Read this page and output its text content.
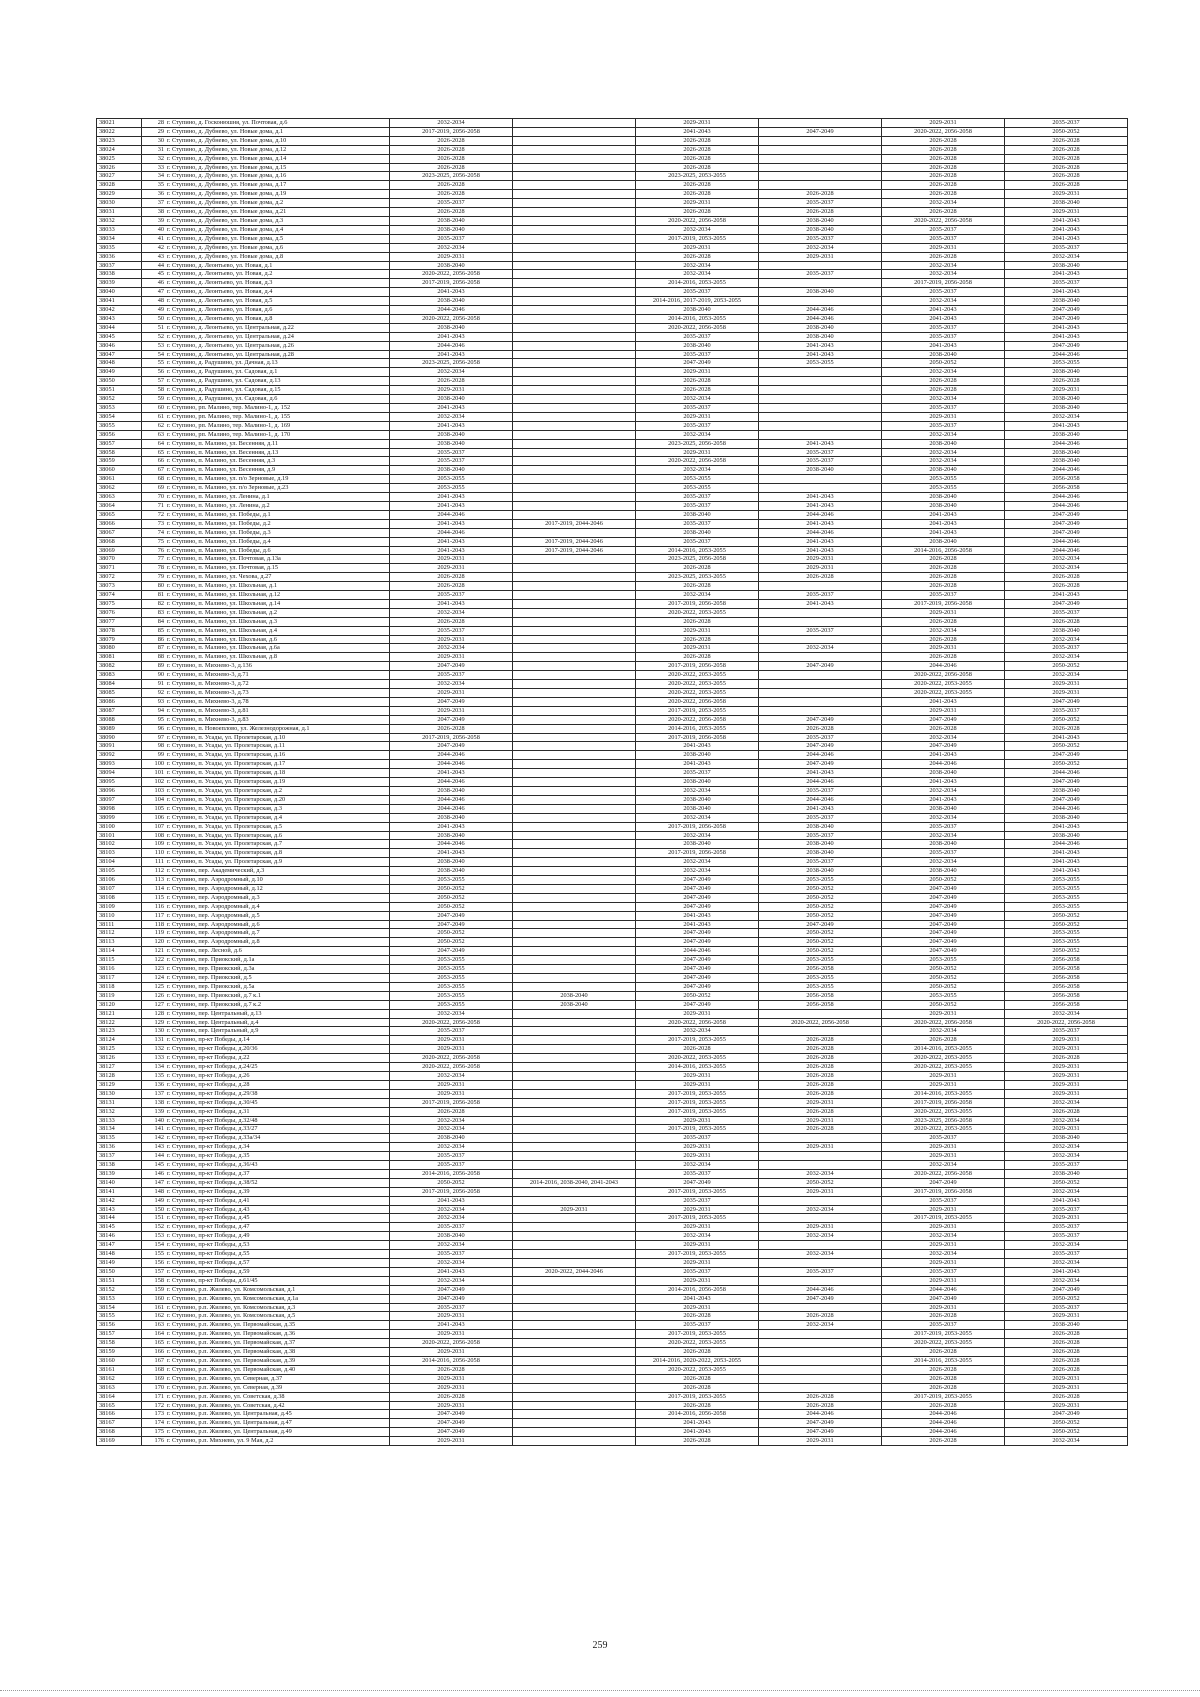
38021	28	г. Ступино, д. Госконюшня, ул. Почтовая, д.6	2032-2034		2029-2031		2029-2031	2035-2037
38022	29	г. Ступино, д. Дубнево, ул. Новые дома, д.1	2017-2019, 2056-2058		2041-2043	2047-2049	2020-2022, 2056-2058	2050-2052
38023	30	г. Ступино, д. Дубнево, ул. Новые дома, д.10	2026-2028		2026-2028		2026-2028	2026-2028
38024	31	г. Ступино, д. Дубнево, ул. Новые дома, д.12	2026-2028		2026-2028		2026-2028	2026-2028
38025	32	г. Ступино, д. Дубнево, ул. Новые дома, д.14	2026-2028		2026-2028		2026-2028	2026-2028
38026	33	г. Ступино, д. Дубнево, ул. Новые дома, д.15	2026-2028		2026-2028		2026-2028	2026-2028
38027	34	г. Ступино, д. Дубнево, ул. Новые дома, д.16	2023-2025, 2056-2058		2023-2025, 2053-2055		2026-2028	2026-2028
38028	35	г. Ступино, д. Дубнево, ул. Новые дома, д.17	2026-2028		2026-2028		2026-2028	2026-2028
38029	36	г. Ступино, д. Дубнево, ул. Новые дома, д.19	2026-2028		2026-2028	2026-2028	2026-2028	2029-2031
38030	37	г. Ступино, д. Дубнево, ул. Новые дома, д.2	2035-2037		2029-2031	2035-2037	2032-2034	2038-2040
38031	38	г. Ступино, д. Дубнево, ул. Новые дома, д.21	2026-2028		2026-2028	2026-2028	2026-2028	2029-2031
38032	39	г. Ступино, д. Дубнево, ул. Новые дома, д.3	2038-2040		2020-2022, 2056-2058	2038-2040	2020-2022, 2056-2058	2041-2043
38033	40	г. Ступино, д. Дубнево, ул. Новые дома, д.4	2038-2040		2032-2034	2038-2040	2035-2037	2041-2043
38034	41	г. Ступино, д. Дубнево, ул. Новые дома, д.5	2035-2037		2017-2019, 2053-2055	2035-2037	2035-2037	2041-2043
38035	42	г. Ступино, д. Дубнево, ул. Новые дома, д.6	2032-2034		2029-2031	2032-2034	2029-2031	2035-2037
38036	43	г. Ступино, д. Дубнево, ул. Новые дома, д.8	2029-2031		2026-2028	2029-2031	2026-2028	2032-2034
38037	44	г. Ступино, д. Леонтьево, ул. Новая, д.1	2038-2040		2032-2034		2032-2034	2038-2040
38038	45	г. Ступино, д. Леонтьево, ул. Новая, д.2	2020-2022, 2056-2058		2032-2034	2035-2037	2032-2034	2041-2043
38039	46	г. Ступино, д. Леонтьево, ул. Новая, д.3	2017-2019, 2056-2058		2014-2016, 2053-2055		2017-2019, 2056-2058	2035-2037
38040	47	г. Ступино, д. Леонтьево, ул. Новая, д.4	2041-2043		2035-2037	2038-2040	2035-2037	2041-2043
38041	48	г. Ступино, д. Леонтьево, ул. Новая, д.5	2038-2040		2014-2016, 2017-2019, 2053-2055		2032-2034	2038-2040
38042	49	г. Ступино, д. Леонтьево, ул. Новая, д.6	2044-2046		2038-2040	2044-2046	2041-2043	2047-2049
38043	50	г. Ступино, д. Леонтьево, ул. Новая, д.8	2020-2022, 2056-2058		2014-2016, 2053-2055	2044-2046	2041-2043	2047-2049
38044	51	г. Ступино, д. Леонтьево, ул. Центральная, д.22	2038-2040		2020-2022, 2056-2058	2038-2040	2035-2037	2041-2043
38045	52	г. Ступино, д. Леонтьево, ул. Центральная, д.24	2041-2043		2035-2037	2038-2040	2035-2037	2041-2043
38046	53	г. Ступино, д. Леонтьево, ул. Центральная, д.26	2044-2046		2038-2040	2041-2043	2041-2043	2047-2049
38047	54	г. Ступино, д. Леонтьево, ул. Центральная, д.28	2041-2043		2035-2037	2041-2043	2038-2040	2044-2046
38048	55	г. Ступино, д. Радушино, ул. Дачная, д.13	2023-2025, 2056-2058		2047-2049	2053-2055	2050-2052	2053-2055
38049	56	г. Ступино, д. Радушино, ул. Садовая, д.1	2032-2034		2029-2031		2032-2034	2038-2040
38050	57	г. Ступино, д. Радушино, ул. Садовая, д.13	2026-2028		2026-2028		2026-2028	2026-2028
38051	58	г. Ступино, д. Радушино, ул. Садовая, д.15	2029-2031		2026-2028		2026-2028	2029-2031
38052	59	г. Ступино, д. Радушино, ул. Садовая, д.6	2038-2040		2032-2034		2032-2034	2038-2040
38053	60	г. Ступино, рп. Малино, тер. Малино-1, д. 152	2041-2043		2035-2037		2035-2037	2038-2040
38054	61	г. Ступино, рп. Малино, тер. Малино-1, д. 155	2032-2034		2029-2031		2029-2031	2032-2034
38055	62	г. Ступино, рп. Малино, тер. Малино-1, д. 169	2041-2043		2035-2037		2035-2037	2041-2043
38056	63	г. Ступино, рп. Малино, тер. Малино-1, д. 170	2038-2040		2032-2034		2032-2034	2038-2040
38057	64	г. Ступино, п. Малино, ул. Весенняя, д.11	2038-2040		2023-2025, 2056-2058	2041-2043	2038-2040	2044-2046
38058	65	г. Ступино, п. Малино, ул. Весенняя, д.13	2035-2037		2029-2031	2035-2037	2032-2034	2038-2040
38059	66	г. Ступино, п. Малино, ул. Весенняя, д.3	2035-2037		2020-2022, 2056-2058	2035-2037	2032-2034	2038-2040
38060	67	г. Ступино, п. Малино, ул. Весенняя, д.9	2038-2040		2032-2034	2038-2040	2038-2040	2044-2046
38061	68	г. Ступино, п. Малино, ул. п/о Зерновые, д.19	2053-2055		2053-2055		2053-2055	2056-2058
38062	69	г. Ступино, п. Малино, ул. п/о Зерновые, д.23	2053-2055		2053-2055		2053-2055	2056-2058
38063	70	г. Ступино, п. Малино, ул. Ленина, д.1	2041-2043		2035-2037	2041-2043	2038-2040	2044-2046
38064	71	г. Ступино, п. Малино, ул. Ленина, д.2	2041-2043		2035-2037	2041-2043	2038-2040	2044-2046
38065	72	г. Ступино, п. Малино, ул. Победы, д.1	2044-2046		2038-2040	2044-2046	2041-2043	2047-2049
38066	73	г. Ступино, п. Малино, ул. Победы, д.2	2041-2043	2017-2019, 2044-2046	2035-2037	2041-2043	2041-2043	2047-2049
38067	74	г. Ступино, п. Малино, ул. Победы, д.3	2044-2046		2038-2040	2044-2046	2041-2043	2047-2049
38068	75	г. Ступино, п. Малино, ул. Победы, д.4	2041-2043	2017-2019, 2044-2046	2035-2037	2041-2043	2038-2040	2044-2046
38069	76	г. Ступино, п. Малино, ул. Победы, д.6	2041-2043	2017-2019, 2044-2046	2014-2016, 2053-2055	2041-2043	2014-2016, 2056-2058	2044-2046
38070	77	г. Ступино, п. Малино, ул. Почтовая, д.13а	2029-2031		2023-2025, 2056-2058	2029-2031	2026-2028	2032-2034
38071	78	г. Ступино, п. Малино, ул. Почтовая, д.15	2029-2031		2026-2028	2029-2031	2026-2028	2032-2034
38072	79	г. Ступино, п. Малино, ул. Чехова, д.27	2026-2028		2023-2025, 2053-2055	2026-2028	2026-2028	2026-2028
38073	80	г. Ступино, п. Малино, ул. Школьная, д.1	2026-2028		2026-2028		2026-2028	2026-2028
38074	81	г. Ступино, п. Малино, ул. Школьная, д.12	2035-2037		2032-2034	2035-2037	2035-2037	2041-2043
38075	82	г. Ступино, п. Малино, ул. Школьная, д.14	2041-2043		2017-2019, 2056-2058	2041-2043	2017-2019, 2056-2058	2047-2049
38076	83	г. Ступино, п. Малино, ул. Школьная, д.2	2032-2034		2020-2022, 2053-2055		2029-2031	2035-2037
38077	84	г. Ступино, п. Малино, ул. Школьная, д.3	2026-2028		2026-2028		2026-2028	2026-2028
38078	85	г. Ступино, п. Малино, ул. Школьная, д.4	2035-2037		2029-2031	2035-2037	2032-2034	2038-2040
38079	86	г. Ступино, п. Малино, ул. Школьная, д.6	2029-2031		2026-2028		2026-2028	2032-2034
38080	87	г. Ступино, п. Малино, ул. Школьная, д.6а	2032-2034		2029-2031	2032-2034	2029-2031	2035-2037
38081	88	г. Ступино, п. Малино, ул. Школьная, д.8	2029-2031		2026-2028		2026-2028	2032-2034
38082	89	г. Ступино, п. Михнево-3, д.136	2047-2049		2017-2019, 2056-2058	2047-2049	2044-2046	2050-2052
38083	90	г. Ступино, п. Михнево-3, д.71	2035-2037		2020-2022, 2053-2055		2020-2022, 2056-2058	2032-2034
38084	91	г. Ступино, п. Михнево-3, д.72	2032-2034		2020-2022, 2053-2055		2020-2022, 2053-2055	2029-2031
38085	92	г. Ступино, п. Михнево-3, д.73	2029-2031		2020-2022, 2053-2055		2020-2022, 2053-2055	2029-2031
38086	93	г. Ступино, п. Михнево-3, д.78	2047-2049		2020-2022, 2056-2058		2041-2043	2047-2049
38087	94	г. Ступино, п. Михнево-3, д.81	2029-2031		2017-2019, 2053-2055		2029-2031	2035-2037
38088	95	г. Ступино, п. Михнево-3, д.83	2047-2049		2020-2022, 2056-2058	2047-2049	2047-2049	2050-2052
38089	96	г. Ступино, п. Новоеплово, ул. Железнодорожная, д.1	2026-2028		2014-2016, 2053-2055	2026-2028	2026-2028	2026-2028
38090	97	г. Ступино, п. Усады, ул. Пролетарская, д.10	2017-2019, 2056-2058		2017-2019, 2056-2058	2035-2037	2032-2034	2041-2043
38091	98	г. Ступино, п. Усады, ул. Пролетарская, д.11	2047-2049		2041-2043	2047-2049	2047-2049	2050-2052
38092	99	г. Ступино, п. Усады, ул. Пролетарская, д.16	2044-2046		2038-2040	2044-2046	2041-2043	2047-2049
38093	100	г. Ступино, п. Усады, ул. Пролетарская, д.17	2044-2046		2041-2043	2047-2049	2044-2046	2050-2052
38094	101	г. Ступино, п. Усады, ул. Пролетарская, д.18	2041-2043		2035-2037	2041-2043	2038-2040	2044-2046
38095	102	г. Ступино, п. Усады, ул. Пролетарская, д.19	2044-2046		2038-2040	2044-2046	2041-2043	2047-2049
38096	103	г. Ступино, п. Усады, ул. Пролетарская, д.2	2038-2040		2032-2034	2035-2037	2032-2034	2038-2040
38097	104	г. Ступино, п. Усады, ул. Пролетарская, д.20	2044-2046		2038-2040	2044-2046	2041-2043	2047-2049
38098	105	г. Ступино, п. Усады, ул. Пролетарская, д.3	2044-2046		2038-2040	2041-2043	2038-2040	2044-2046
38099	106	г. Ступино, п. Усады, ул. Пролетарская, д.4	2038-2040		2032-2034	2035-2037	2032-2034	2038-2040
38100	107	г. Ступино, п. Усады, ул. Пролетарская, д.5	2041-2043		2017-2019, 2056-2058	2038-2040	2035-2037	2041-2043
38101	108	г. Ступино, п. Усады, ул. Пролетарская, д.6	2038-2040		2032-2034	2035-2037	2032-2034	2038-2040
38102	109	г. Ступино, п. Усады, ул. Пролетарская, д.7	2044-2046		2038-2040	2038-2040	2038-2040	2044-2046
38103	110	г. Ступино, п. Усады, ул. Пролетарская, д.8	2041-2043		2017-2019, 2056-2058	2038-2040	2035-2037	2041-2043
38104	111	г. Ступино, п. Усады, ул. Пролетарская, д.9	2038-2040		2032-2034	2035-2037	2032-2034	2041-2043
38105	112	г. Ступино, пер. Академический, д.3	2038-2040		2032-2034	2038-2040	2038-2040	2041-2043
38106	113	г. Ступино, пер. Аэродромный, д.10	2053-2055		2047-2049	2053-2055	2050-2052	2053-2055
38107	114	г. Ступино, пер. Аэродромный, д.12	2050-2052		2047-2049	2050-2052	2047-2049	2053-2055
38108	115	г. Ступино, пер. Аэродромный, д.3	2050-2052		2047-2049	2050-2052	2047-2049	2053-2055
38109	116	г. Ступино, пер. Аэродромный, д.4	2050-2052		2047-2049	2050-2052	2047-2049	2053-2055
38110	117	г. Ступино, пер. Аэродромный, д.5	2047-2049		2041-2043	2050-2052	2047-2049	2050-2052
38111	118	г. Ступино, пер. Аэродромный, д.6	2047-2049		2041-2043	2047-2049	2047-2049	2050-2052
38112	119	г. Ступино, пер. Аэродромный, д.7	2050-2052		2047-2049	2050-2052	2047-2049	2053-2055
38113	120	г. Ступино, пер. Аэродромный, д.8	2050-2052		2047-2049	2050-2052	2047-2049	2053-2055
38114	121	г. Ступино, пер. Лесной, д.6	2047-2049		2044-2046	2050-2052	2047-2049	2050-2052
38115	122	г. Ступино, пер. Приокский, д.1а	2053-2055		2047-2049	2053-2055	2053-2055	2056-2058
38116	123	г. Ступино, пер. Приокский, д.3а	2053-2055		2047-2049	2056-2058	2050-2052	2056-2058
38117	124	г. Ступино, пер. Приокский, д.5	2053-2055		2047-2049	2053-2055	2050-2052	2056-2058
38118	125	г. Ступино, пер. Приокский, д.5а	2053-2055		2047-2049	2053-2055	2050-2052	2056-2058
38119	126	г. Ступино, пер. Приокский, д.7 к.1	2053-2055	2038-2040	2050-2052	2056-2058	2053-2055	2056-2058
38120	127	г. Ступино, пер. Приокский, д.7 к.2	2053-2055	2038-2040	2047-2049	2056-2058	2050-2052	2056-2058
38121	128	г. Ступино, пер. Центральный, д.13	2032-2034		2029-2031		2029-2031	2032-2034
38122	129	г. Ступино, пер. Центральный, д.4	2020-2022, 2056-2058		2020-2022, 2056-2058	2020-2022, 2056-2058	2020-2022, 2056-2058	2020-2022, 2056-2058
38123	130	г. Ступино, пер. Центральный, д.9	2035-2037		2032-2034		2032-2034	2035-2037
38124	131	г. Ступино, пр-кт Победы, д.14	2029-2031		2017-2019, 2053-2055	2026-2028	2026-2028	2029-2031
38125	132	г. Ступино, пр-кт Победы, д.20/36	2029-2031		2026-2028	2026-2028	2014-2016, 2053-2055	2029-2031
38126	133	г. Ступино, пр-кт Победы, д.22	2020-2022, 2056-2058		2020-2022, 2053-2055	2026-2028	2020-2022, 2053-2055	2026-2028
38127	134	г. Ступино, пр-кт Победы, д.24/25	2020-2022, 2056-2058		2014-2016, 2053-2055	2026-2028	2020-2022, 2053-2055	2029-2031
38128	135	г. Ступино, пр-кт Победы, д.26	2032-2034		2029-2031	2026-2028	2029-2031	2029-2031
38129	136	г. Ступино, пр-кт Победы, д.28	2029-2031		2029-2031	2026-2028	2029-2031	2029-2031
38130	137	г. Ступино, пр-кт Победы, д.29/38	2029-2031		2017-2019, 2053-2055	2026-2028	2014-2016, 2053-2055	2029-2031
38131	138	г. Ступино, пр-кт Победы, д.30/45	2017-2019, 2056-2058		2017-2019, 2053-2055	2029-2031	2017-2019, 2056-2058	2032-2034
38132	139	г. Ступино, пр-кт Победы, д.31	2026-2028		2017-2019, 2053-2055	2026-2028	2020-2022, 2053-2055	2026-2028
38133	140	г. Ступино, пр-кт Победы, д.32/48	2032-2034		2029-2031	2029-2031	2023-2025, 2056-2058	2032-2034
38134	141	г. Ступино, пр-кт Победы, д.33/27	2032-2034		2017-2019, 2053-2055	2026-2028	2020-2022, 2053-2055	2029-2031
38135	142	г. Ступино, пр-кт Победы, д.33а/34	2038-2040		2035-2037		2035-2037	2038-2040
38136	143	г. Ступино, пр-кт Победы, д.34	2032-2034		2029-2031	2029-2031	2029-2031	2032-2034
38137	144	г. Ступино, пр-кт Победы, д.35	2035-2037		2029-2031		2029-2031	2032-2034
38138	145	г. Ступино, пр-кт Победы, д.36/43	2035-2037		2032-2034		2032-2034	2035-2037
38139	146	г. Ступино, пр-кт Победы, д.37	2014-2016, 2056-2058		2035-2037	2032-2034	2020-2022, 2056-2058	2038-2040
38140	147	г. Ступино, пр-кт Победы, д.38/52	2050-2052	2014-2016, 2038-2040, 2041-2043	2047-2049	2050-2052	2047-2049	2050-2052
38141	148	г. Ступино, пр-кт Победы, д.39	2017-2019, 2056-2058		2017-2019, 2053-2055	2029-2031	2017-2019, 2056-2058	2032-2034
38142	149	г. Ступино, пр-кт Победы, д.41	2041-2043		2035-2037		2035-2037	2041-2043
38143	150	г. Ступино, пр-кт Победы, д.43	2032-2034	2029-2031	2029-2031	2032-2034	2029-2031	2035-2037
38144	151	г. Ступино, пр-кт Победы, д.45	2032-2034		2017-2019, 2053-2055		2017-2019, 2053-2055	2029-2031
38145	152	г. Ступино, пр-кт Победы, д.47	2035-2037		2029-2031	2029-2031	2029-2031	2035-2037
38146	153	г. Ступино, пр-кт Победы, д.49	2038-2040		2032-2034	2032-2034	2032-2034	2035-2037
38147	154	г. Ступино, пр-кт Победы, д.53	2032-2034		2029-2031		2029-2031	2032-2034
38148	155	г. Ступино, пр-кт Победы, д.55	2035-2037		2017-2019, 2053-2055	2032-2034	2032-2034	2035-2037
38149	156	г. Ступино, пр-кт Победы, д.57	2032-2034		2029-2031		2029-2031	2032-2034
38150	157	г. Ступино, пр-кт Победы, д.59	2041-2043	2020-2022, 2044-2046	2035-2037	2035-2037	2035-2037	2041-2043
38151	158	г. Ступино, пр-кт Победы, д.61/45	2032-2034		2029-2031		2029-2031	2032-2034
38152	159	г. Ступино, р.п. Жилево, ул. Комсомольская, д.1	2047-2049		2014-2016, 2056-2058	2044-2046	2044-2046	2047-2049
38153	160	г. Ступино, р.п. Жилево, ул. Комсомольская, д.1а	2047-2049		2041-2043	2047-2049	2047-2049	2050-2052
38154	161	г. Ступино, р.п. Жилево, ул. Комсомольская, д.3	2035-2037		2029-2031		2029-2031	2035-2037
38155	162	г. Ступино, р.п. Жилево, ул. Комсомольская, д.5	2029-2031		2026-2028	2026-2028	2026-2028	2029-2031
38156	163	г. Ступино, р.п. Жилево, ул. Первомайская, д.35	2041-2043		2035-2037	2032-2034	2035-2037	2038-2040
38157	164	г. Ступино, р.п. Жилево, ул. Первомайская, д.36	2029-2031		2017-2019, 2053-2055		2017-2019, 2053-2055	2026-2028
38158	165	г. Ступино, р.п. Жилево, ул. Первомайская, д.37	2020-2022, 2056-2058		2020-2022, 2053-2055		2020-2022, 2053-2055	2026-2028
38159	166	г. Ступино, р.п. Жилево, ул. Первомайская, д.38	2029-2031		2026-2028		2026-2028	2026-2028
38160	167	г. Ступино, р.п. Жилево, ул. Первомайская, д.39	2014-2016, 2056-2058		2014-2016, 2020-2022, 2053-2055		2014-2016, 2053-2055	2026-2028
38161	168	г. Ступино, р.п. Жилево, ул. Первомайская, д.40	2026-2028		2020-2022, 2053-2055		2026-2028	2026-2028
38162	169	г. Ступино, р.п. Жилево, ул. Северная, д.37	2029-2031		2026-2028		2026-2028	2029-2031
38163	170	г. Ступино, р.п. Жилево, ул. Северная, д.39	2029-2031		2026-2028		2026-2028	2029-2031
38164	171	г. Ступино, р.п. Жилево, ул. Советская, д.38	2026-2028		2017-2019, 2053-2055	2026-2028	2017-2019, 2053-2055	2026-2028
38165	172	г. Ступино, р.п. Жилево, ул. Советская, д.42	2029-2031		2026-2028	2026-2028	2026-2028	2029-2031
38166	173	г. Ступино, р.п. Жилево, ул. Центральная, д.45	2047-2049		2014-2016, 2056-2058	2044-2046	2044-2046	2047-2049
38167	174	г. Ступино, р.п. Жилево, ул. Центральная, д.47	2047-2049		2041-2043	2047-2049	2044-2046	2050-2052
38168	175	г. Ступино, р.п. Жилево, ул. Центральная, д.49	2047-2049		2041-2043	2047-2049	2044-2046	2050-2052
38169	176	г. Ступино, р.п. Михнево, ул. 9 Мая, д.2	2029-2031		2026-2028	2029-2031	2026-2028	2032-2034
259
